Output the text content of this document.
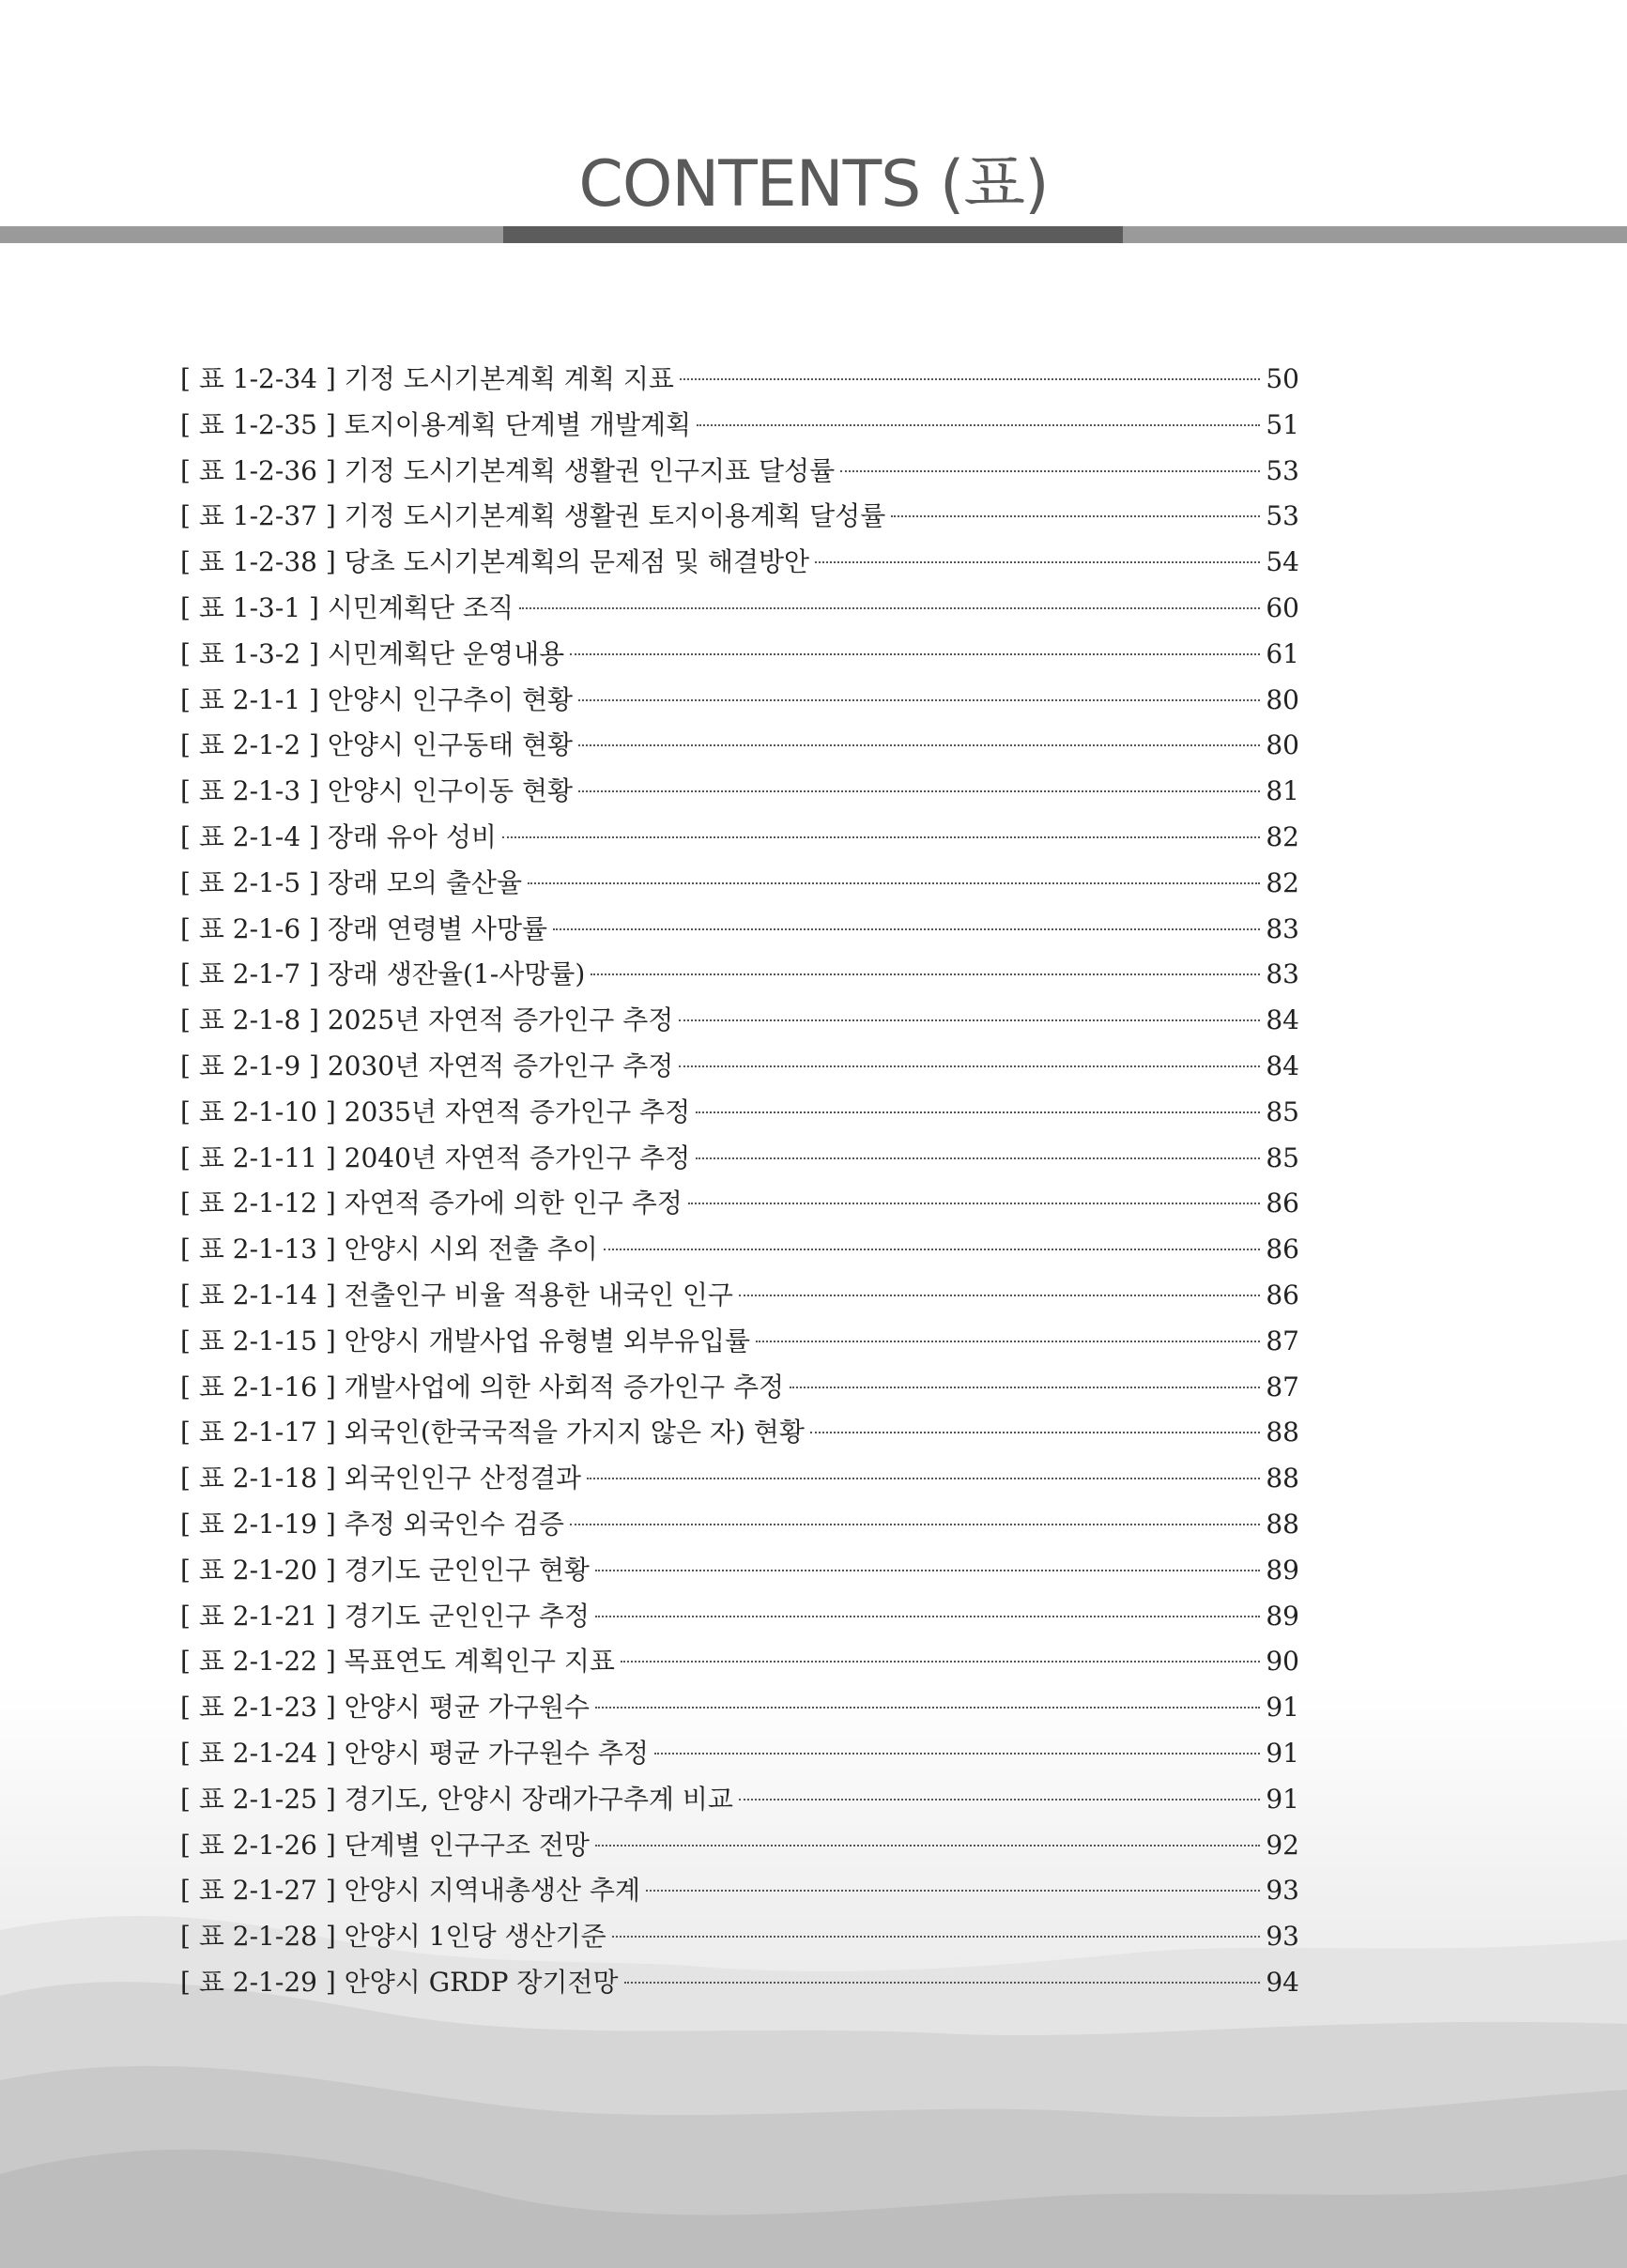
CONTENTS (표)
[ 표 1-2-34 ] 기정 도시기본계획 계획 지표	50
[ 표 1-2-35 ] 토지이용계획 단계별 개발계획	51
[ 표 1-2-36 ] 기정 도시기본계획 생활권 인구지표 달성률	53
[ 표 1-2-37 ] 기정 도시기본계획 생활권 토지이용계획 달성률	53
[ 표 1-2-38 ] 당초 도시기본계획의 문제점 및 해결방안	54
[ 표 1-3-1 ] 시민계획단 조직	60
[ 표 1-3-2 ] 시민계획단 운영내용	61
[ 표 2-1-1 ] 안양시 인구추이 현황	80
[ 표 2-1-2 ] 안양시 인구동태 현황	80
[ 표 2-1-3 ] 안양시 인구이동 현황	81
[ 표 2-1-4 ] 장래 유아 성비	82
[ 표 2-1-5 ] 장래 모의 출산율	82
[ 표 2-1-6 ] 장래 연령별 사망률	83
[ 표 2-1-7 ] 장래 생잔율(1-사망률)	83
[ 표 2-1-8 ] 2025년 자연적 증가인구 추정	84
[ 표 2-1-9 ] 2030년 자연적 증가인구 추정	84
[ 표 2-1-10 ] 2035년 자연적 증가인구 추정	85
[ 표 2-1-11 ] 2040년 자연적 증가인구 추정	85
[ 표 2-1-12 ] 자연적 증가에 의한 인구 추정	86
[ 표 2-1-13 ] 안양시 시외 전출 추이	86
[ 표 2-1-14 ] 전출인구 비율 적용한 내국인 인구	86
[ 표 2-1-15 ] 안양시 개발사업 유형별 외부유입률	87
[ 표 2-1-16 ] 개발사업에 의한 사회적 증가인구 추정	87
[ 표 2-1-17 ] 외국인(한국국적을 가지지 않은 자) 현황	88
[ 표 2-1-18 ] 외국인인구 산정결과	88
[ 표 2-1-19 ] 추정 외국인수 검증	88
[ 표 2-1-20 ] 경기도 군인인구 현황	89
[ 표 2-1-21 ] 경기도 군인인구 추정	89
[ 표 2-1-22 ] 목표연도 계획인구 지표	90
[ 표 2-1-23 ] 안양시 평균 가구원수	91
[ 표 2-1-24 ] 안양시 평균 가구원수 추정	91
[ 표 2-1-25 ] 경기도, 안양시 장래가구추계 비교	91
[ 표 2-1-26 ] 단계별 인구구조 전망	92
[ 표 2-1-27 ] 안양시 지역내총생산 추계	93
[ 표 2-1-28 ] 안양시 1인당 생산기준	93
[ 표 2-1-29 ] 안양시 GRDP 장기전망	94
